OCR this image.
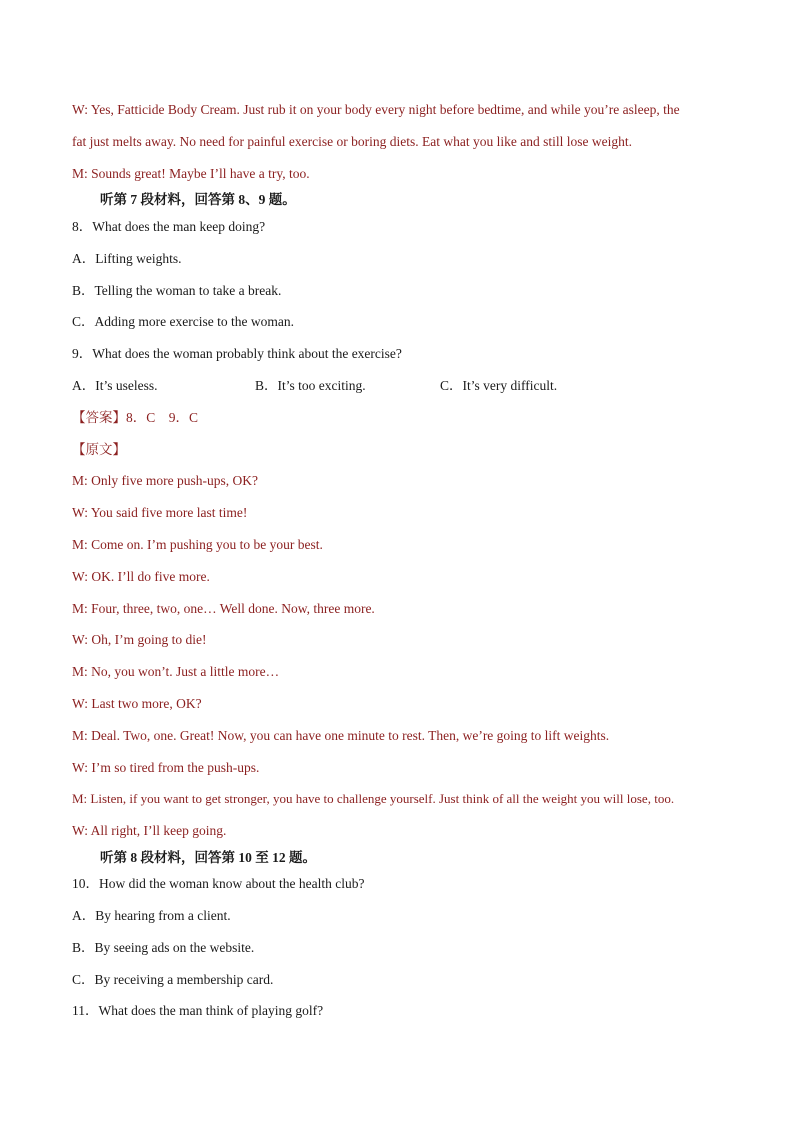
W: Yes, Fatticide Body Cream. Just rub it on your body every night before bedtime, and while you’re asleep, the
fat just melts away. No need for painful exercise or boring diets. Eat what you like and still lose weight.
M: Sounds great! Maybe I’ll have a try, too.
听第 7 段材料，回答第 8、9 题。
8．What does the man keep doing?
A．Lifting weights.
B．Telling the woman to take a break.
C．Adding more exercise to the woman.
9．What does the woman probably think about the exercise?
A．It’s useless.	B．It’s too exciting.	C．It’s very difficult.
【答案】8．C　9．C
【原文】
M: Only five more push-ups, OK?
W: You said five more last time!
M: Come on. I’m pushing you to be your best.
W: OK. I’ll do five more.
M: Four, three, two, one… Well done. Now, three more.
W: Oh, I’m going to die!
M: No, you won’t. Just a little more…
W: Last two more, OK?
M: Deal. Two, one. Great! Now, you can have one minute to rest. Then, we’re going to lift weights.
W: I’m so tired from the push-ups.
M: Listen, if you want to get stronger, you have to challenge yourself. Just think of all the weight you will lose, too.
W: All right, I’ll keep going.
听第 8 段材料，回答第 10 至 12 题。
10．How did the woman know about the health club?
A．By hearing from a client.
B．By seeing ads on the website.
C．By receiving a membership card.
11．What does the man think of playing golf?
